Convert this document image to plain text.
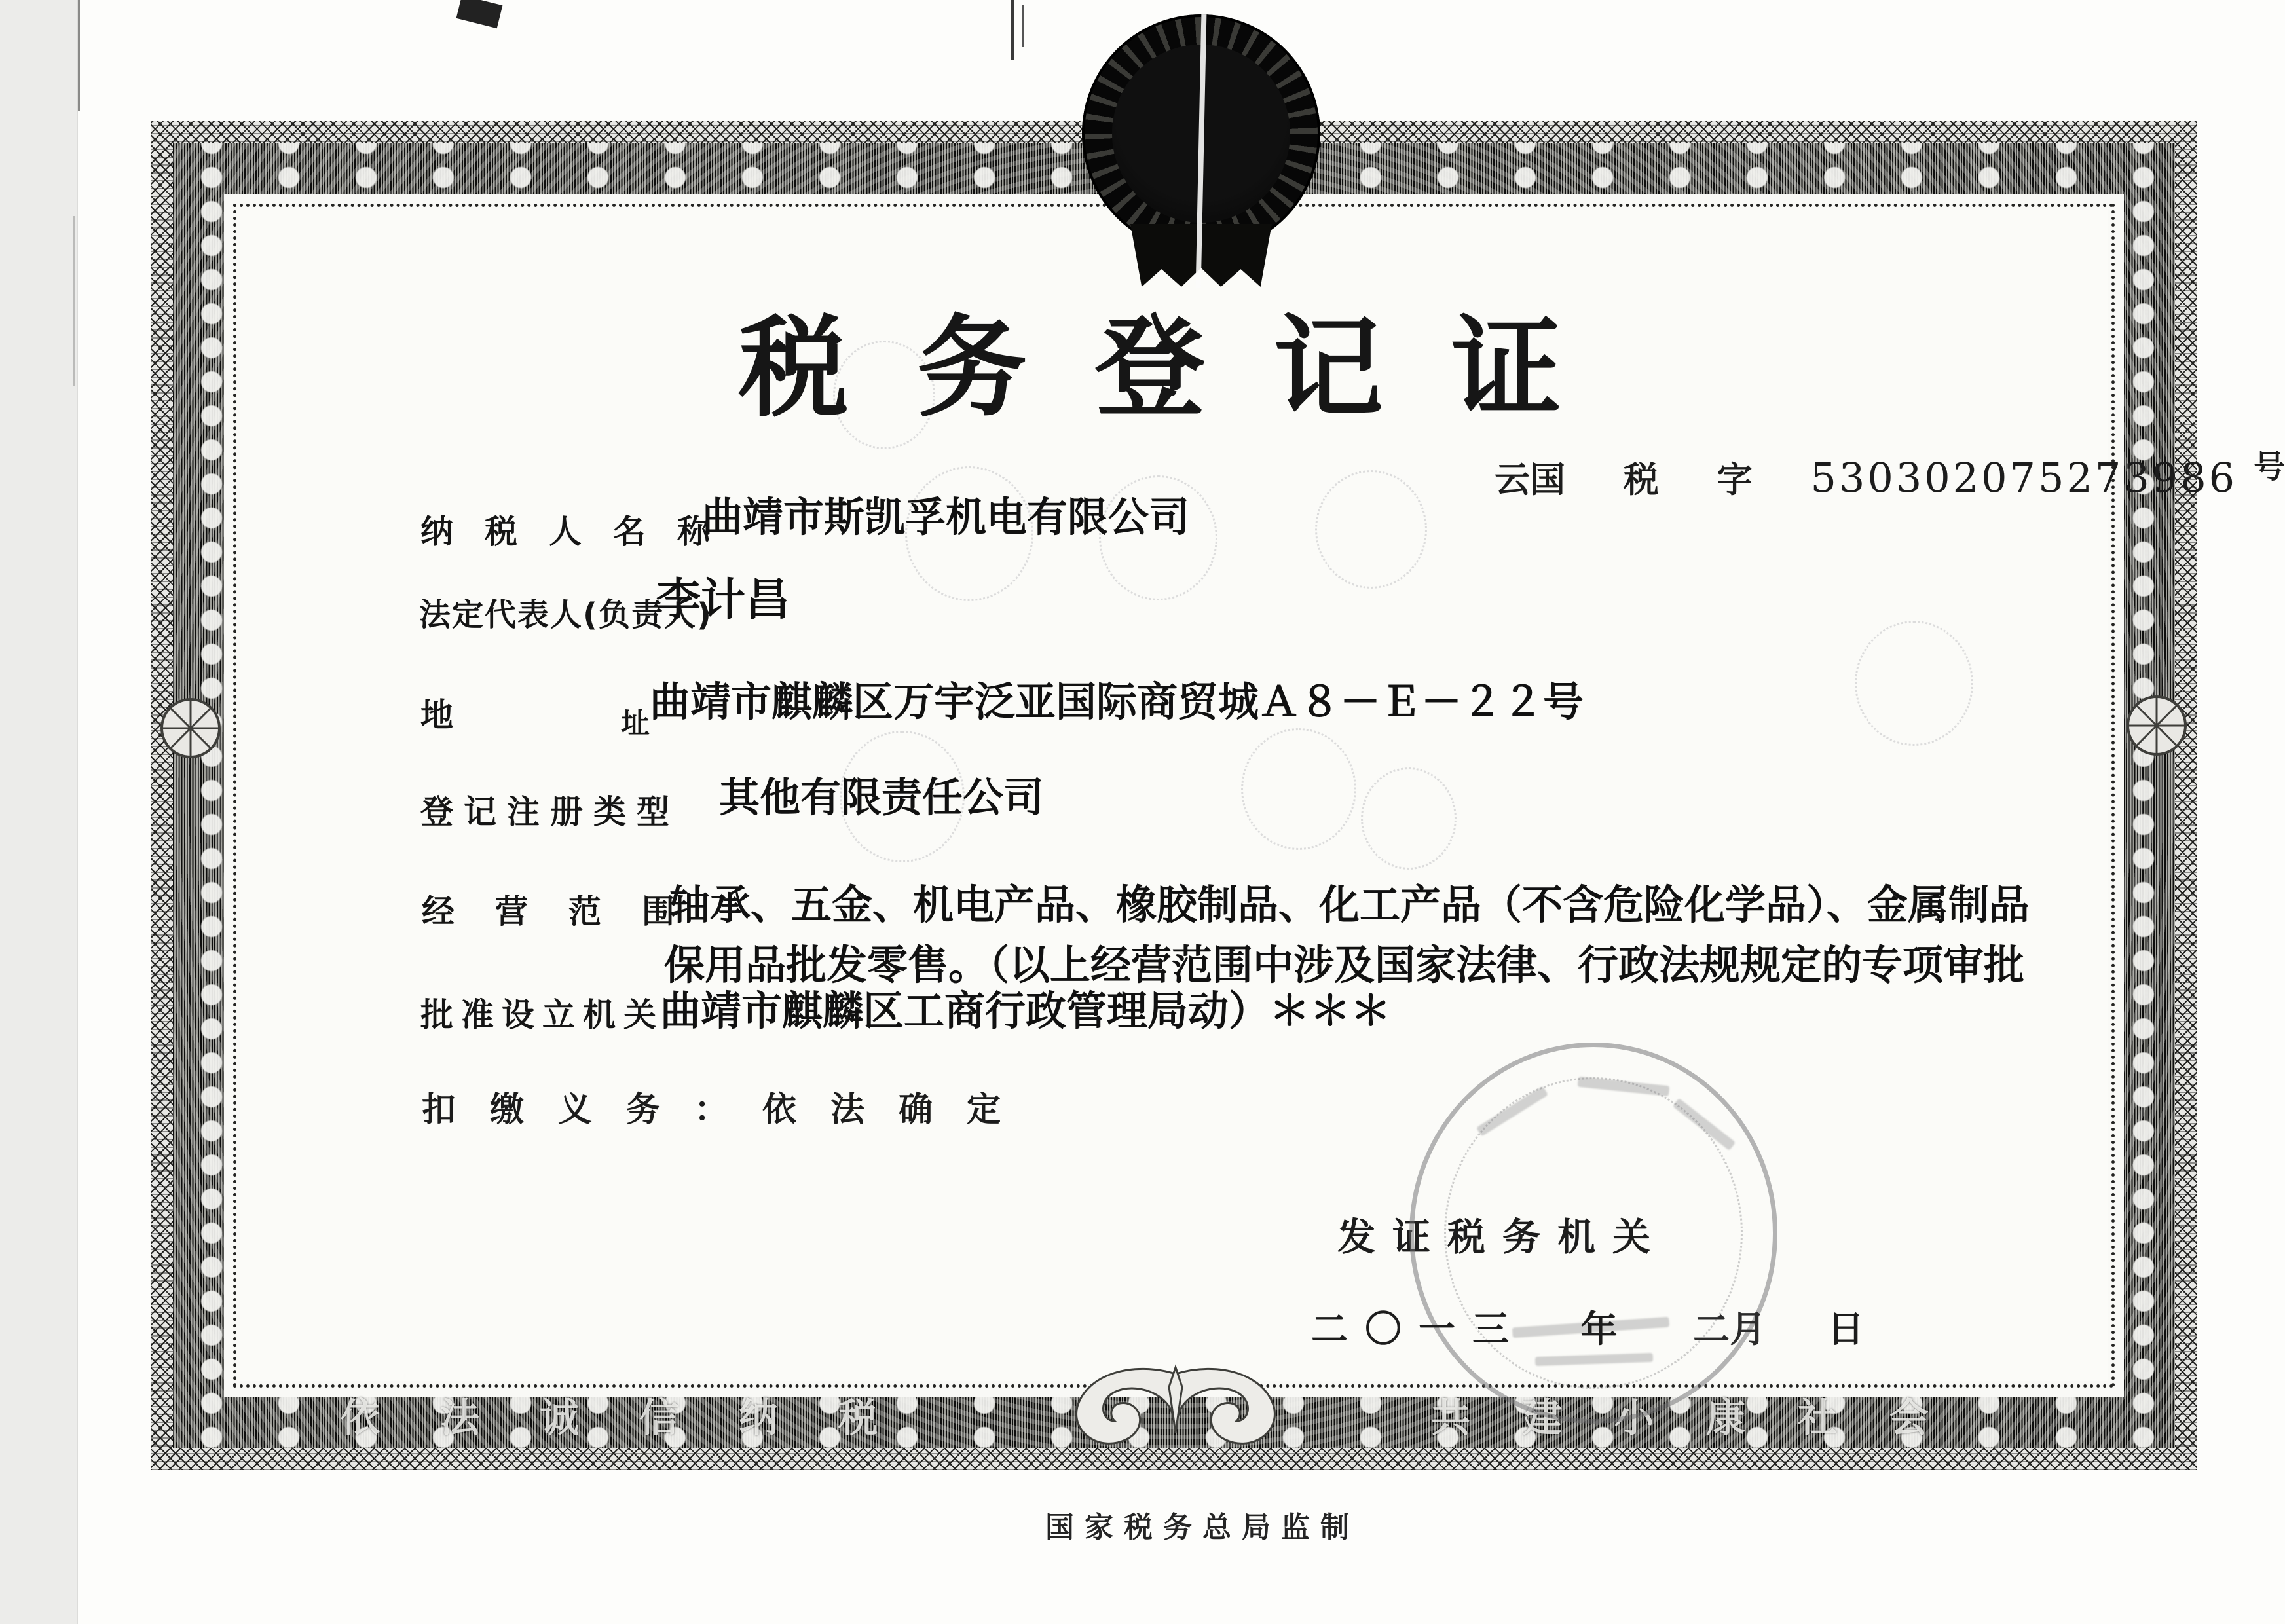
依法诚信纳税	共建小康社会
税务登记证
云国 税 字 530302075273986 号
纳税人名称
曲靖市斯凯孚机电有限公司
法定代表人(负责人)
李计昌
地	址 曲靖市麒麟区万宇泛亚国际商贸城Ａ８－Ｅ－２２号
登记注册类型 其他有限责任公司
经营范围
轴承、五金、机电产品、橡胶制品、化工产品（不含危险化学品）、金属制品
保用品批发零售。（以上经营范围中涉及国家法律、行政法规规定的专项审批
批准设立机关
曲靖市麒麟区工商行政管理局动）＊＊＊
扣缴义务：依法确定
发证税务机关
二〇一三 年 二月 日
国家税务总局监制
